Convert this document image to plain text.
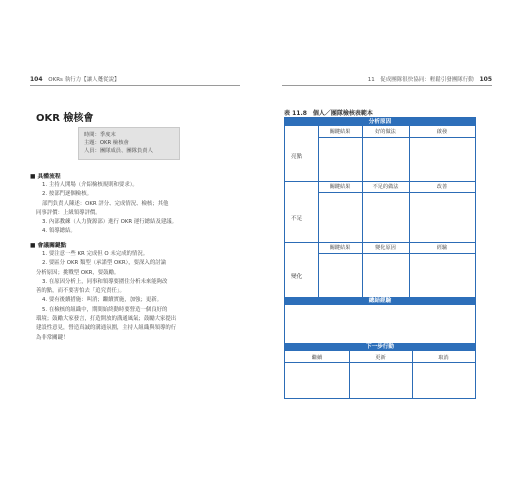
104 OKRs 執行力【讓人躉從說】
OKR 檢核會
時間：季度末
主題：OKR 檢核會
人員：團隊成員、團隊負責人
■ 具體流程
1. 主持人開場（介紹檢核規則和要求）。
2. 按部門逐個檢核。
部門負責人陳述：OKR 評分、完成情況、檢核；其他
同事評價：上級領導評價。
3. 內部教練（人力資源部）進行 OKR 運行總結及建議。
4. 領導總結。
■ 會議關鍵點
1. 要注意一些 KR 完成但 O 未完成的情況。
2. 要區分 OKR 類型（承諾型 OKR），要深入的討論
分析原因；挑戰型 OKR，要鼓勵。
3. 在原因分析上，同事和領導要圍住分析未來能夠改
善的點，而不要害怕去「追究責任」。
4. 要有後續措施：叫消；繼續實施，加強；更新。
5. 在檢核的組織中，期間始終動時要營造一個良好的
環境；鼓勵大家發言，打造開放的溝通風氣；鼓勵大家提出
建設性意見，營造真誠的溝通氛圍，主持人組織與領導的行
為非常關鍵！
11　促成團隊很快協同：輕鬆引發團隊行動 105
表 11.8　個人／團隊檢核表範本
分析原因
亮點
關鍵結果	好的做法	啟發
不足
關鍵結果	不足的做法	改善
變化
關鍵結果	變化原因	經驗
總結經驗
下一步行動
繼續	更新	取消
